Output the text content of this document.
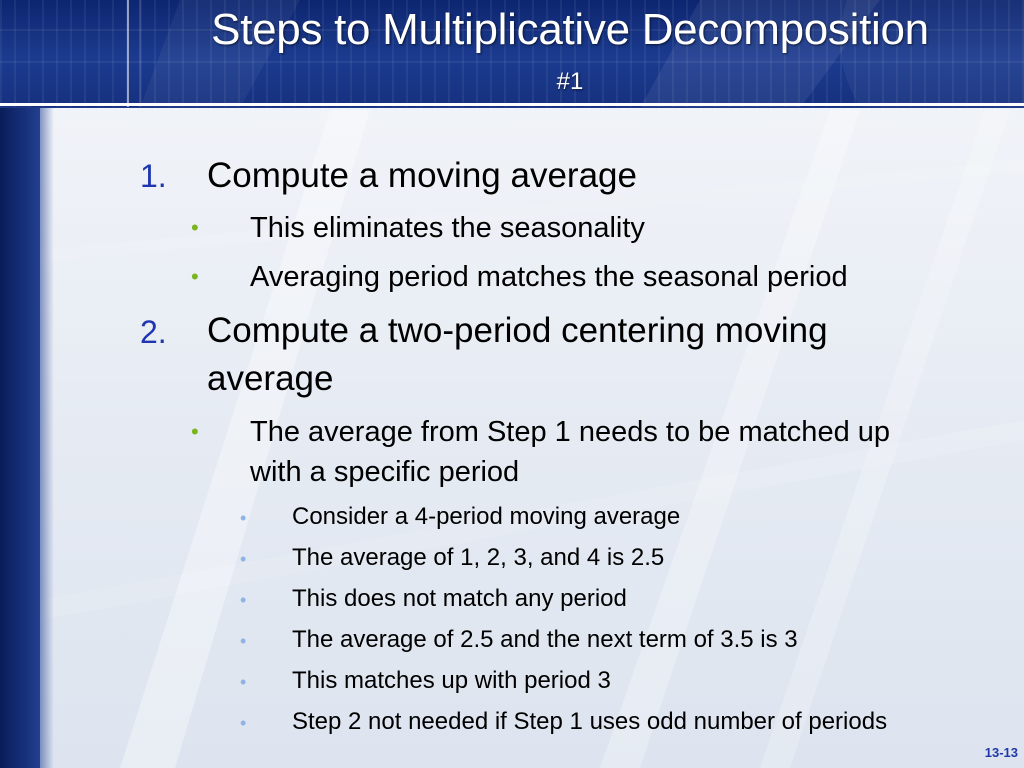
Steps to Multiplicative Decomposition
#1
1. Compute a moving average
• This eliminates the seasonality
• Averaging period matches the seasonal period
2. Compute a two-period centering moving
average
• The average from Step 1 needs to be matched up
with a specific period
• Consider a 4-period moving average
• The average of 1, 2, 3, and 4 is 2.5
• This does not match any period
• The average of 2.5 and the next term of 3.5 is 3
• This matches up with period 3
• Step 2 not needed if Step 1 uses odd number of periods
13-13
